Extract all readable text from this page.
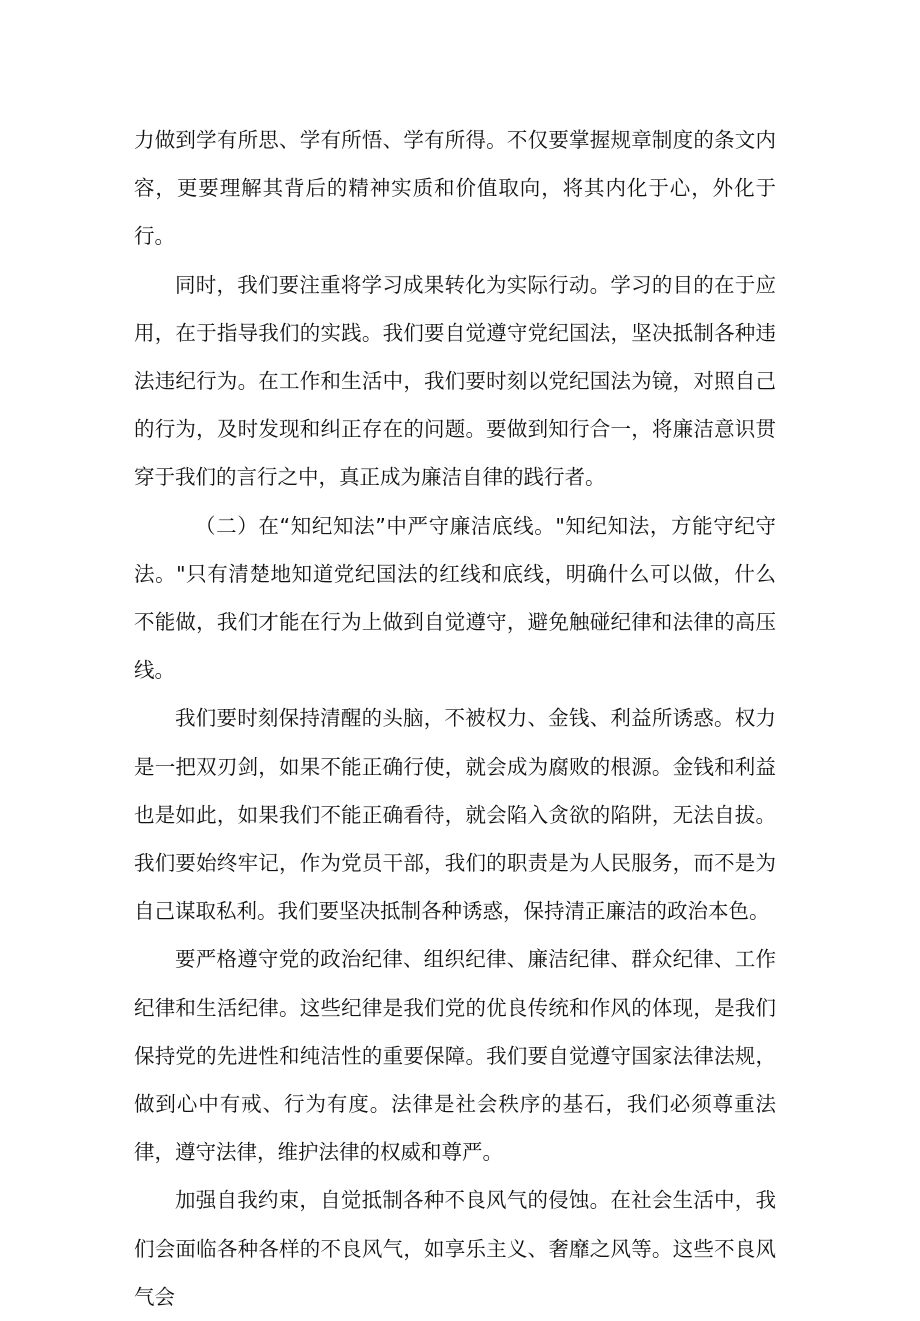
力做到学有所思、学有所悟、学有所得。不仅要掌握规章制度的条文内容，更要理解其背后的精神实质和价值取向，将其内化于心，外化于行。

同时，我们要注重将学习成果转化为实际行动。学习的目的在于应用，在于指导我们的实践。我们要自觉遵守党纪国法，坚决抵制各种违法违纪行为。在工作和生活中，我们要时刻以党纪国法为镜，对照自己的行为，及时发现和纠正存在的问题。要做到知行合一，将廉洁意识贯穿于我们的言行之中，真正成为廉洁自律的践行者。

（二）在“知纪知法”中严守廉洁底线。"知纪知法，方能守纪守法。"只有清楚地知道党纪国法的红线和底线，明确什么可以做，什么不能做，我们才能在行为上做到自觉遵守，避免触碰纪律和法律的高压线。

我们要时刻保持清醒的头脑，不被权力、金钱、利益所诱惑。权力是一把双刃剑，如果不能正确行使，就会成为腐败的根源。金钱和利益也是如此，如果我们不能正确看待，就会陷入贪欲的陷阱，无法自拔。我们要始终牢记，作为党员干部，我们的职责是为人民服务，而不是为自己谋取私利。我们要坚决抵制各种诱惑，保持清正廉洁的政治本色。

要严格遵守党的政治纪律、组织纪律、廉洁纪律、群众纪律、工作纪律和生活纪律。这些纪律是我们党的优良传统和作风的体现，是我们保持党的先进性和纯洁性的重要保障。我们要自觉遵守国家法律法规，做到心中有戒、行为有度。法律是社会秩序的基石，我们必须尊重法律，遵守法律，维护法律的权威和尊严。

加强自我约束，自觉抵制各种不良风气的侵蚀。在社会生活中，我们会面临各种各样的不良风气，如享乐主义、奢靡之风等。这些不良风气会
